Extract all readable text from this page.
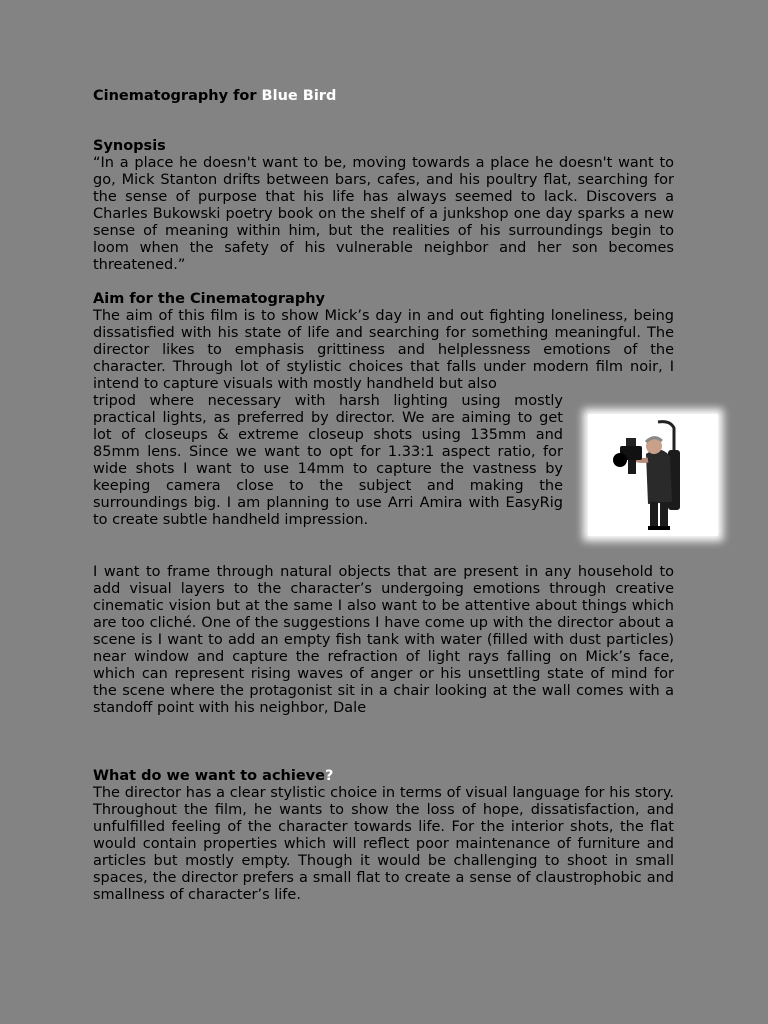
Cinematography for Blue Bird
Synopsis

“In a place he doesn't want to be, moving towards a place he doesn't want to go, Mick Stanton drifts between bars, cafes, and his poultry flat, searching for the sense of purpose that his life has always seemed to lack. Discovers a Charles Bukowski poetry book on the shelf of a junkshop one day sparks a new sense of meaning within him, but the realities of his surroundings begin to loom when the safety of his vulnerable neighbor and her son becomes threatened.”

Aim for the Cinematography

The aim of this film is to show Mick’s day in and out fighting loneliness, being dissatisfied with his state of life and searching for something meaningful. The director likes to emphasis grittiness and helplessness emotions of the character. Through lot of stylistic choices that falls under modern film noir, I intend to capture visuals with mostly handheld but also

tripod where necessary with harsh lighting using mostly practical lights, as preferred by director. We are aiming to get lot of closeups & extreme closeup shots using 135mm and 85mm lens. Since we want to opt for 1.33:1 aspect ratio, for wide shots I want to use 14mm to capture the vastness by keeping camera close to the subject and making the surroundings big. I am planning to use Arri Amira with EasyRig to create subtle handheld impression.

I want to frame through natural objects that are present in any household to add visual layers to the character’s undergoing emotions through creative cinematic vision but at the same I also want to be attentive about things which are too cliché. One of the suggestions I have come up with the director about a scene is I want to add an empty fish tank with water (filled with dust particles) near window and capture the refraction of light rays falling on Mick’s face, which can represent rising waves of anger or his unsettling state of mind for the scene where the protagonist sit in a chair looking at the wall comes with a standoff point with his neighbor, Dale

What do we want to achieve?

The director has a clear stylistic choice in terms of visual language for his story. Throughout the film, he wants to show the loss of hope, dissatisfaction, and unfulfilled feeling of the character towards life. For the interior shots, the flat would contain properties which will reflect poor maintenance of furniture and articles but mostly empty. Though it would be challenging to shoot in small spaces, the director prefers a small flat to create a sense of claustrophobic and smallness of character’s life.
